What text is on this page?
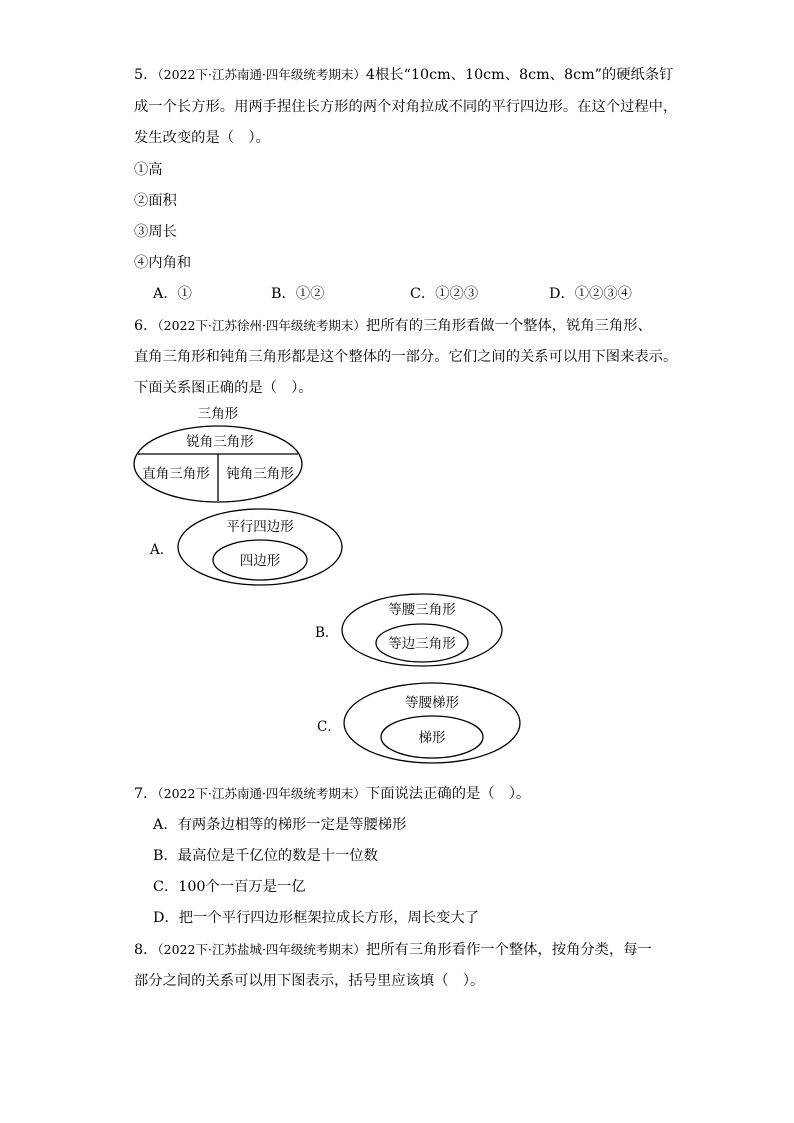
5．（2022下·江苏南通·四年级统考期末）4根长“10cm、10cm、8cm、8cm”的硬纸条钉
成一个长方形。用两手捏住长方形的两个对角拉成不同的平行四边形。在这个过程中，
发生改变的是（　）。
①高
②面积
③周长
④内角和
A．①	B．①②	C．①②③	D．①②③④
6．（2022下·江苏徐州·四年级统考期末）把所有的三角形看做一个整体，锐角三角形、
直角三角形和钝角三角形都是这个整体的一部分。它们之间的关系可以用下图来表示。
下面关系图正确的是（　）。
三角形
锐角三角形
直角三角形 钝角三角形
A．
平行四边形
四边形
B．
等腰三角形
等边三角形
C．
等腰梯形
梯形
7．（2022下·江苏南通·四年级统考期末）下面说法正确的是（　）。
A．有两条边相等的梯形一定是等腰梯形
B．最高位是千亿位的数是十一位数
C．100个一百万是一亿
D．把一个平行四边形框架拉成长方形，周长变大了
8．（2022下·江苏盐城·四年级统考期末）把所有三角形看作一个整体，按角分类，每一
部分之间的关系可以用下图表示，括号里应该填（　）。
